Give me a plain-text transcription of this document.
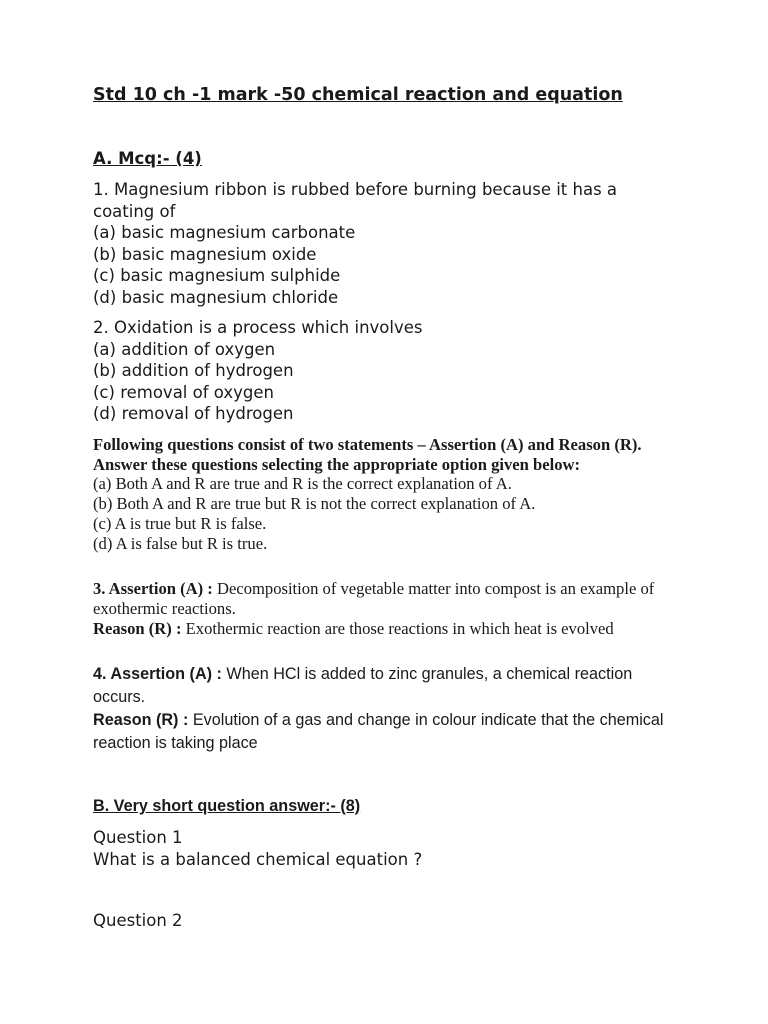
Std 10 ch -1 mark -50 chemical reaction and equation
A. Mcq:- (4)
1. Magnesium ribbon is rubbed before burning because it has a
coating of
(a) basic magnesium carbonate
(b) basic magnesium oxide
(c) basic magnesium sulphide
(d) basic magnesium chloride
2. Oxidation is a process which involves
(a) addition of oxygen
(b) addition of hydrogen
(c) removal of oxygen
(d) removal of hydrogen
Following questions consist of two statements – Assertion (A) and Reason (R). Answer these questions selecting the appropriate option given below:
(a) Both A and R are true and R is the correct explanation of A.
(b) Both A and R are true but R is not the correct explanation of A.
(c) A is true but R is false.
(d) A is false but R is true.
3. Assertion (A) : Decomposition of vegetable matter into compost is an example of exothermic reactions.
Reason (R) : Exothermic reaction are those reactions in which heat is evolved
4. Assertion (A) : When HCl is added to zinc granules, a chemical reaction occurs.
Reason (R) : Evolution of a gas and change in colour indicate that the chemical reaction is taking place
B. Very short question answer:- (8)
Question 1
What is a balanced chemical equation ?
Question 2
